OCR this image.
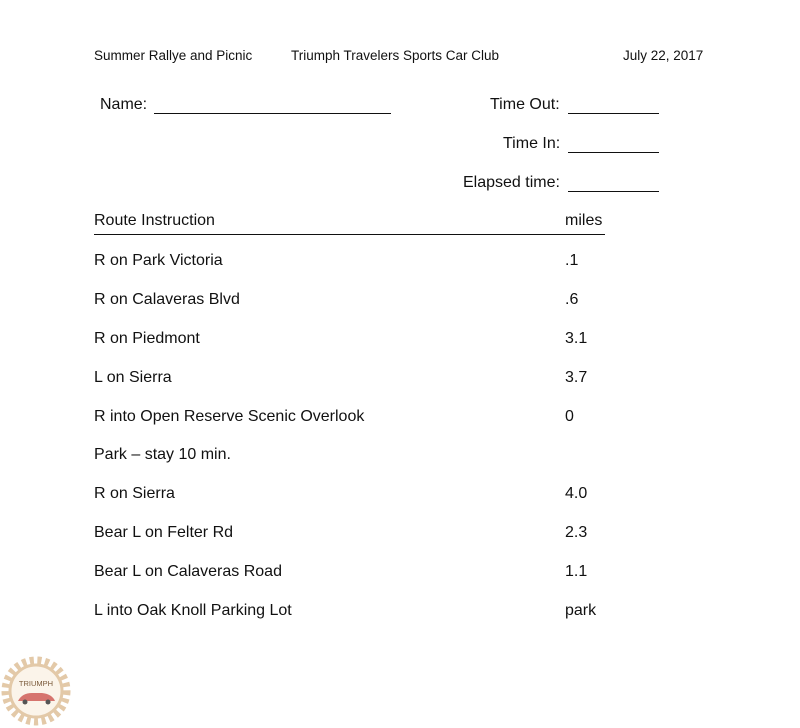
Summer Rallye and Picnic	Triumph Travelers Sports Car Club	July 22, 2017
Name:	Time Out:
Time In:
Elapsed time:
Route Instruction	miles
R on Park Victoria	.1
R on Calaveras Blvd	.6
R on Piedmont	3.1
L on Sierra	3.7
R into Open Reserve Scenic Overlook	0
Park – stay 10 min.
R on Sierra	4.0
Bear L on Felter Rd	2.3
Bear L on Calaveras Road	1.1
L into Oak Knoll Parking Lot	park
TRIUMPH
